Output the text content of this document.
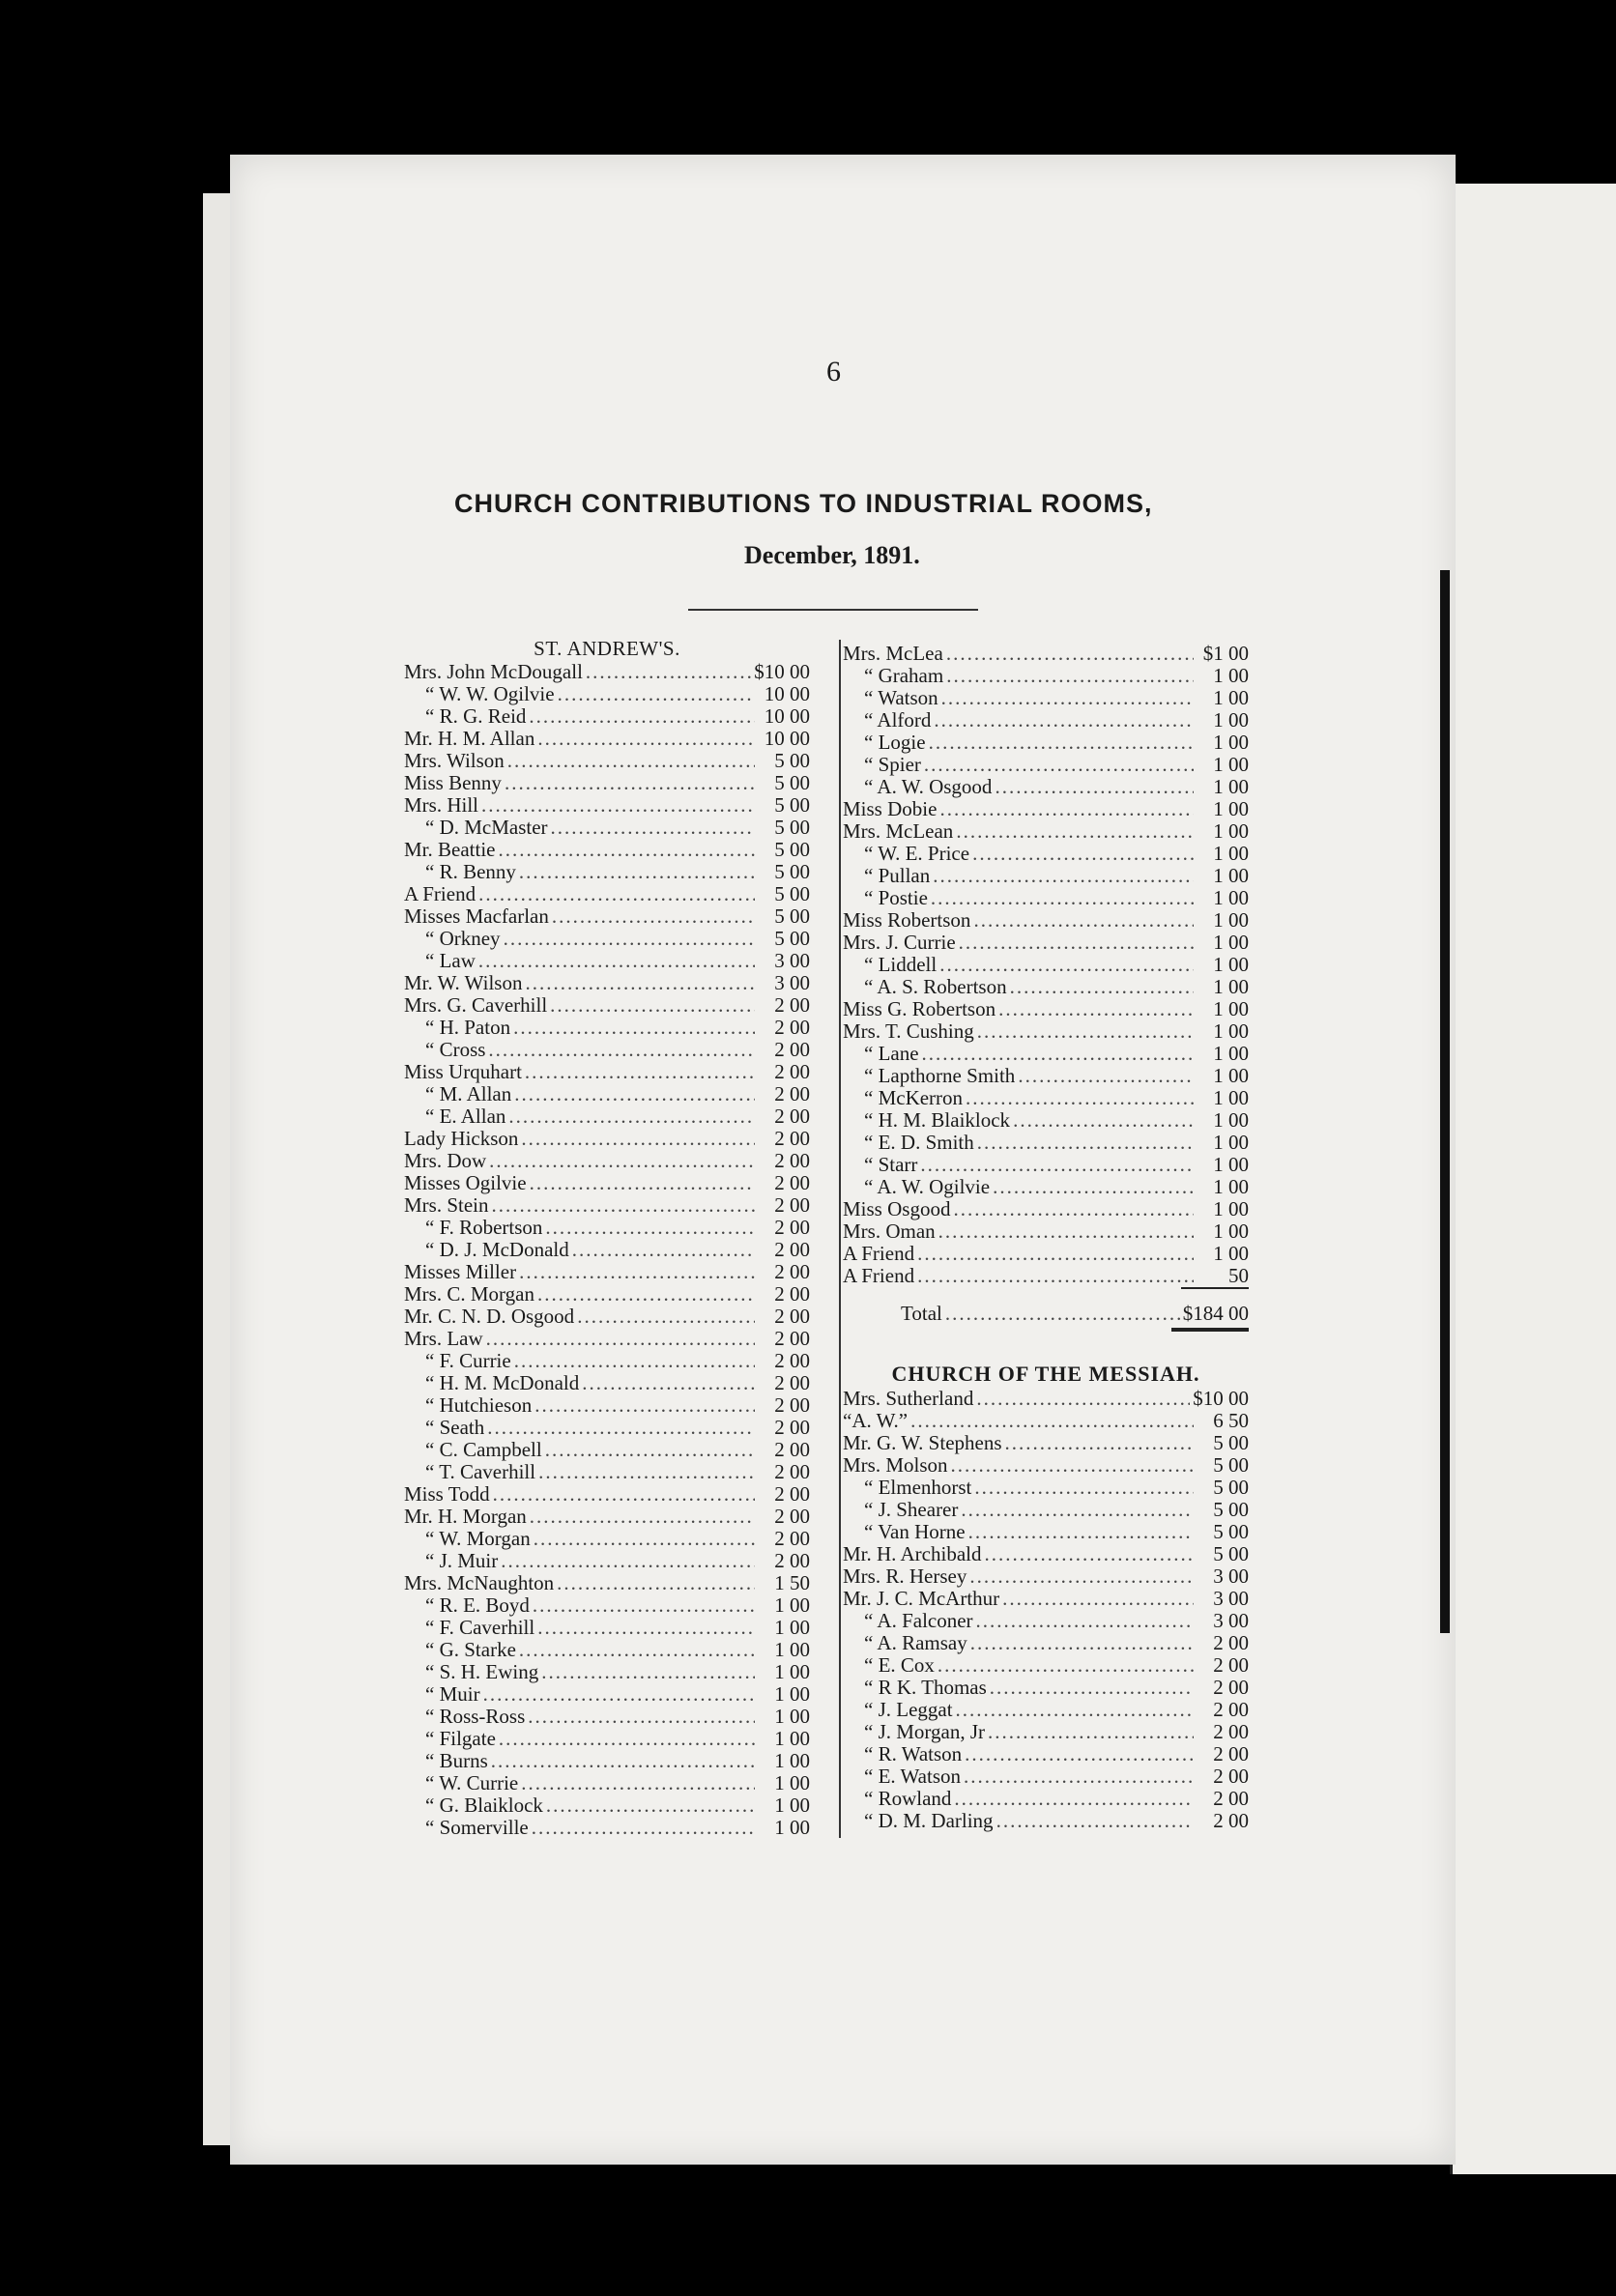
6
CHURCH CONTRIBUTIONS TO INDUSTRIAL ROOMS,
December, 1891.
ST. ANDREW'S.
Mrs. John McDougall .....	$10 00
“ W. W. Ogilvie .....	10 00
“ R. G. Reid .....	10 00
Mr. H. M. Allan .....	10 00
Mrs. Wilson .....	5 00
Miss Benny .....	5 00
Mrs. Hill .....	5 00
“ D. McMaster .....	5 00
Mr. Beattie .....	5 00
“ R. Benny .....	5 00
A Friend .....	5 00
Misses Macfarlan .....	5 00
“ Orkney .....	5 00
“ Law .....	3 00
Mr. W. Wilson .....	3 00
Mrs. G. Caverhill .....	2 00
“ H. Paton .....	2 00
“ Cross .....	2 00
Miss Urquhart .....	2 00
“ M. Allan .....	2 00
“ E. Allan .....	2 00
Lady Hickson .....	2 00
Mrs. Dow .....	2 00
Misses Ogilvie .....	2 00
Mrs. Stein .....	2 00
“ F. Robertson .....	2 00
“ D. J. McDonald .....	2 00
Misses Miller .....	2 00
Mrs. C. Morgan .....	2 00
Mr. C. N. D. Osgood .....	2 00
Mrs. Law .....	2 00
“ F. Currie .....	2 00
“ H. M. McDonald .....	2 00
“ Hutchieson .....	2 00
“ Seath .....	2 00
“ C. Campbell .....	2 00
“ T. Caverhill .....	2 00
Miss Todd .....	2 00
Mr. H. Morgan .....	2 00
“ W. Morgan .....	2 00
“ J. Muir .....	2 00
Mrs. McNaughton .....	1 50
“ R. E. Boyd .....	1 00
“ F. Caverhill .....	1 00
“ G. Starke .....	1 00
“ S. H. Ewing .....	1 00
“ Muir .....	1 00
“ Ross-Ross .....	1 00
“ Filgate .....	1 00
“ Burns .....	1 00
“ W. Currie .....	1 00
“ G. Blaiklock .....	1 00
“ Somerville .....	1 00
Mrs. McLea .....	$1 00
“ Graham .....	1 00
“ Watson .....	1 00
“ Alford .....	1 00
“ Logie .....	1 00
“ Spier .....	1 00
“ A. W. Osgood .....	1 00
Miss Dobie .....	1 00
Mrs. McLean .....	1 00
“ W. E. Price .....	1 00
“ Pullan .....	1 00
“ Postie .....	1 00
Miss Robertson .....	1 00
Mrs. J. Currie .....	1 00
“ Liddell .....	1 00
“ A. S. Robertson .....	1 00
Miss G. Robertson .....	1 00
Mrs. T. Cushing .....	1 00
“ Lane .....	1 00
“ Lapthorne Smith .....	1 00
“ McKerron .....	1 00
“ H. M. Blaiklock .....	1 00
“ E. D. Smith .....	1 00
“ Starr .....	1 00
“ A. W. Ogilvie .....	1 00
Miss Osgood .....	1 00
Mrs. Oman .....	1 00
A Friend .....	1 00
A Friend .....	50
Total .....	$184 00
CHURCH OF THE MESSIAH.
Mrs. Sutherland .....	$10 00
“A. W.” .....	6 50
Mr. G. W. Stephens .....	5 00
Mrs. Molson .....	5 00
“ Elmenhorst .....	5 00
“ J. Shearer .....	5 00
“ Van Horne .....	5 00
Mr. H. Archibald .....	5 00
Mrs. R. Hersey .....	3 00
Mr. J. C. McArthur .....	3 00
“ A. Falconer .....	3 00
“ A. Ramsay .....	2 00
“ E. Cox .....	2 00
“ R K. Thomas .....	2 00
“ J. Leggat .....	2 00
“ J. Morgan, Jr .....	2 00
“ R. Watson .....	2 00
“ E. Watson .....	2 00
“ Rowland .....	2 00
“ D. M. Darling .....	2 00
